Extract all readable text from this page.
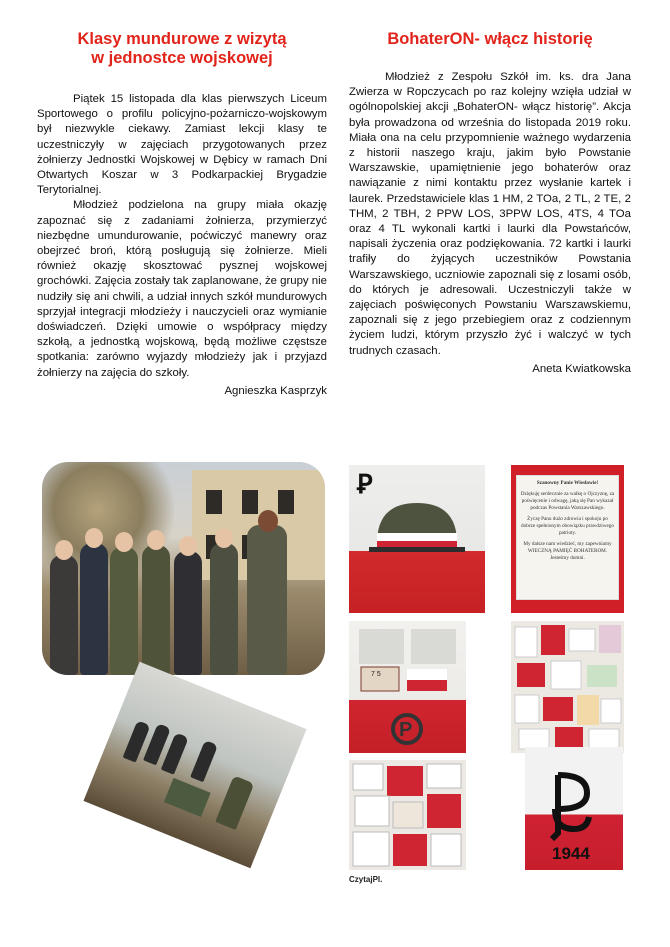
Klasy mundurowe z wizytą
w jednostce wojskowej

Piątek 15 listopada dla klas pierwszych Liceum Sportowego o profilu policyjno-pożarniczo-wojskowym był niezwykle ciekawy. Zamiast lekcji klasy te uczestniczyły w zajęciach przygotowanych przez żołnierzy Jednostki Wojskowej w Dębicy w ramach Dni Otwartych Koszar w 3 Podkarpackiej Brygadzie Terytorialnej.

Młodzież podzielona na grupy miała okazję zapoznać się z zadaniami żołnierza, przymierzyć niezbędne umundurowanie, poćwiczyć manewry oraz obejrzeć broń, którą posługują się żołnierze. Mieli również okazję skosztować pysznej wojskowej grochówki. Zajęcia zostały tak zaplanowane, że grupy nie nudziły się ani chwili, a udział innych szkół mundurowych sprzyjał integracji młodzieży i nauczycieli oraz wymianie doświadczeń. Dzięki umowie o współpracy między szkołą, a jednostką wojskową, będą możliwe częstsze spotkania: zarówno wyjazdy młodzieży jak i przyjazd żołnierzy na zajęcia do szkoły.

Agnieszka Kasprzyk
BohaterON- włącz historię

Młodzież z Zespołu Szkół im. ks. dra Jana Zwierza w Ropczycach po raz kolejny wzięła udział w ogólnopolskiej akcji „BohaterON- włącz historię”. Akcja była prowadzona od września do listopada 2019 roku. Miała ona na celu przypomnienie ważnego wydarzenia z historii naszego kraju, jakim było Powstanie Warszawskie, upamiętnienie jego bohaterów oraz nawiązanie z nimi kontaktu przez wysłanie kartek i laurek. Przedstawiciele klas 1 HM, 2 TOa, 2 TL, 2 TE, 2 THM, 2 TBH, 2 PPW LOS, 3PPW LOS, 4TS, 4 TOa oraz 4 TL wykonali kartki i laurki dla Powstańców, napisali życzenia oraz podziękowania. 72 kartki i laurki trafiły do żyjących uczestników Powstania Warszawskiego, uczniowie zapoznali się z losami osób, do których je adresowali. Uczestniczyli także w zajęciach poświęconych Powstaniu Warszawskiemu, zapoznali się z jego przebiegiem oraz z codziennym życiem ludzi, którym przyszło żyć i walczyć w tych trudnych czasach.

Aneta Kwiatkowska
Ꝑ	Szanowny Panie Wiesławie!
Dziękuję serdecznie za walkę o Ojczyznę, za poświęcenie i odwagę, jaką się Pan wykazał podczas Powstania Warszawskiego.
Życzę Panu dużo zdrowia i spokoju po dobrze spełnionym obowiązku prawdziwego patrioty.
My dalsze nam wiedzieć, my zapewniamy WIECZNĄ PAMIĘĆ BOHATEROM. Jesteśmy dumni.
7 5
P
1944
CzytajPl.
